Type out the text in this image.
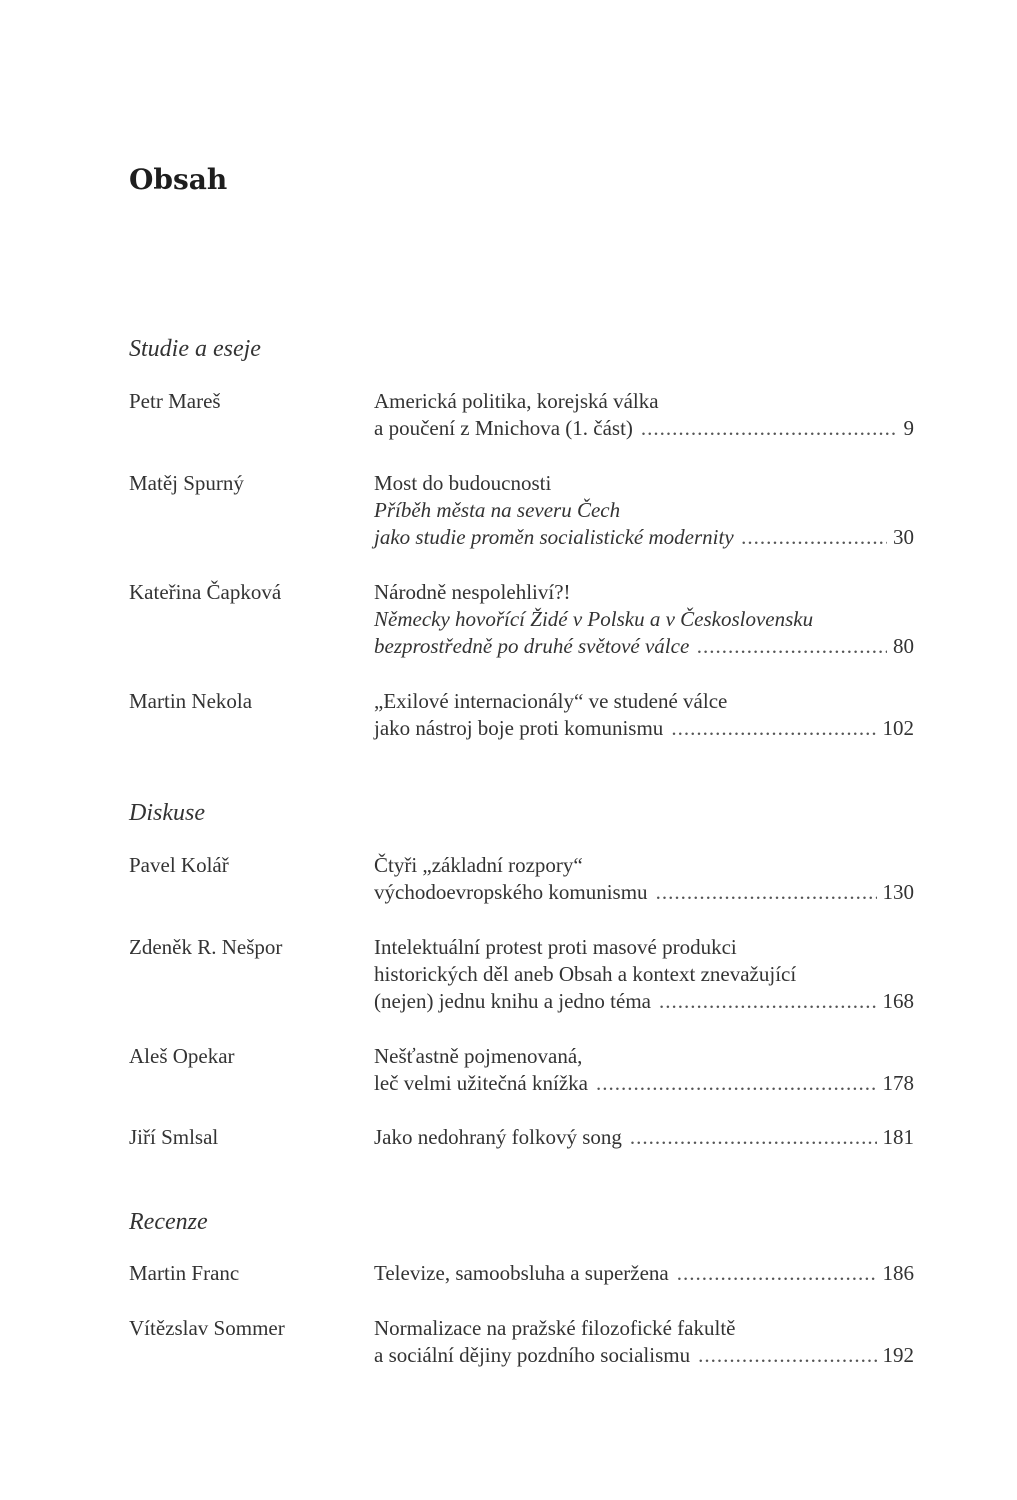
Obsah
Studie a eseje
Petr Mareš	Americká politika, korejská válka
a poučení z Mnichova (1. část) .....	9
Matěj Spurný	Most do budoucnosti
Příběh města na severu Čech
jako studie proměn socialistické modernity .....	30
Kateřina Čapková	Národně nespolehliví?!
Německy hovořící Židé v Polsku a v Československu
bezprostředně po druhé světové válce .....	80
Martin Nekola	„Exilové internacionály“ ve studené válce
jako nástroj boje proti komunismu .....	102
Diskuse
Pavel Kolář	Čtyři „základní rozpory“
východoevropského komunismu .....	130
Zdeněk R. Nešpor	Intelektuální protest proti masové produkci
historických děl aneb Obsah a kontext znevažující
(nejen) jednu knihu a jedno téma .....	168
Aleš Opekar	Nešťastně pojmenovaná,
leč velmi užitečná knížka .....	178
Jiří Smlsal	Jako nedohraný folkový song .....	181
Recenze
Martin Franc	Televize, samoobsluha a superžena .....	186
Vítězslav Sommer	Normalizace na pražské filozofické fakultě
a sociální dějiny pozdního socialismu .....	192
